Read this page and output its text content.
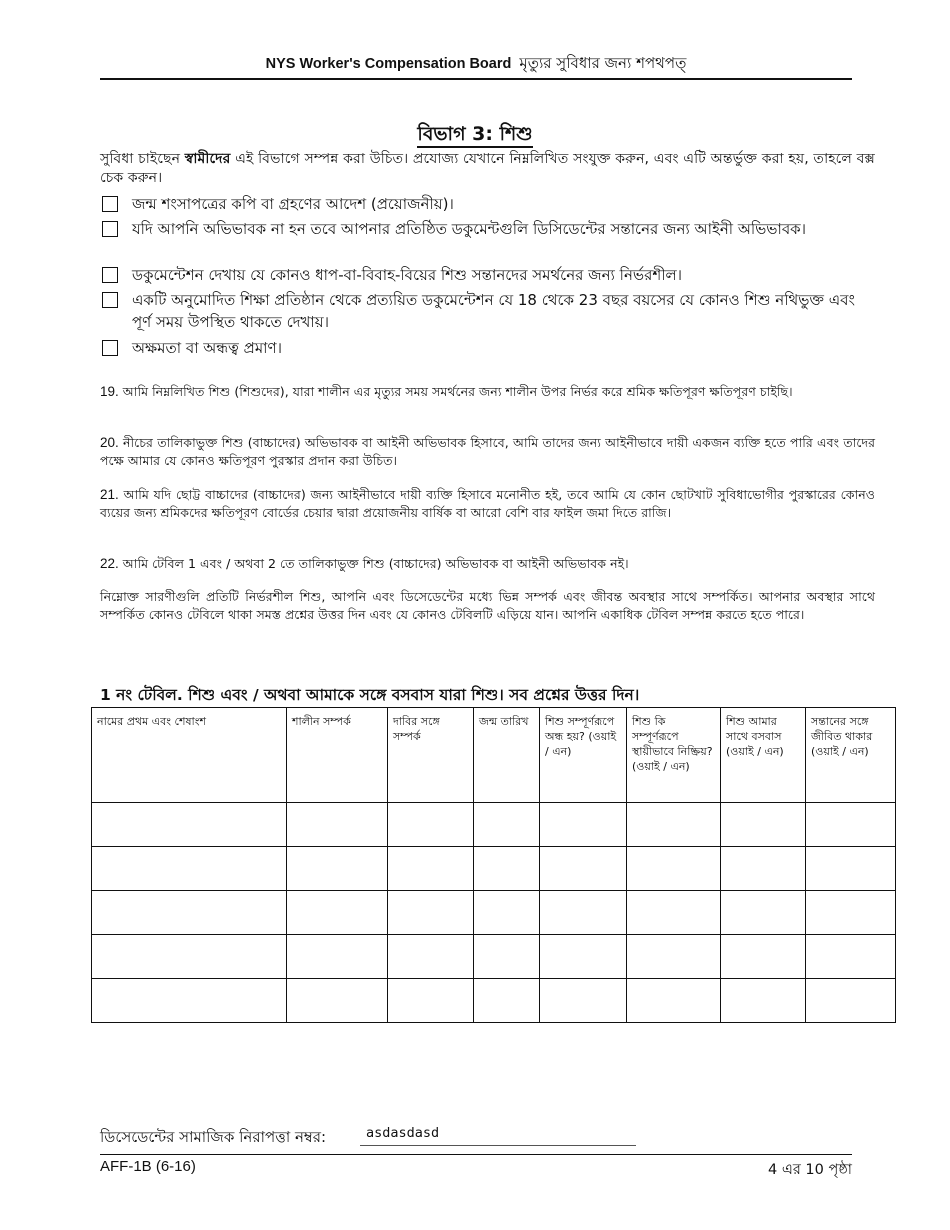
NYS Worker's Compensation Board মৃত্যুর সুবিধার জন্য শপথপত্
বিভাগ 3: শিশু
সুবিধা চাইছেন স্বামীদের এই বিভাগে সম্পন্ন করা উচিত। প্রযোজ্য যেখানে নিম্নলিখিত সংযুক্ত করুন, এবং এটি অন্তর্ভুক্ত করা হয়, তাহলে বক্স চেক করুন।
জন্ম শংসাপত্রের কপি বা গ্রহণের আদেশ (প্রয়োজনীয়)।
যদি আপনি অভিভাবক না হন তবে আপনার প্রতিষ্ঠিত ডকুমেন্টগুলি ডিসিডেন্টের সন্তানের জন্য আইনী অভিভাবক।
ডকুমেন্টেশন দেখায় যে কোনও ধাপ-বা-বিবাহ-বিয়ের শিশু সন্তানদের সমর্থনের জন্য নির্ভরশীল।
একটি অনুমোদিত শিক্ষা প্রতিষ্ঠান থেকে প্রত্যয়িত ডকুমেন্টেশন যে 18 থেকে 23 বছর বয়সের যে কোনও শিশু নথিভুক্ত এবং পূর্ণ সময় উপস্থিত থাকতে দেখায়।
অক্ষমতা বা অন্ধত্ব প্রমাণ।
19. আমি নিম্নলিখিত শিশু (শিশুদের), যারা শালীন এর মৃত্যুর সময় সমর্থনের জন্য শালীন উপর নির্ভর করে শ্রমিক ক্ষতিপূরণ ক্ষতিপূরণ চাইছি।
20. নীচের তালিকাভুক্ত শিশু (বাচ্চাদের) অভিভাবক বা আইনী অভিভাবক হিসাবে, আমি তাদের জন্য আইনীভাবে দায়ী একজন ব্যক্তি হতে পারি এবং তাদের পক্ষে আমার যে কোনও ক্ষতিপূরণ পুরস্কার প্রদান করা উচিত।
21. আমি যদি ছোট্ট বাচ্চাদের (বাচ্চাদের) জন্য আইনীভাবে দায়ী ব্যক্তি হিসাবে মনোনীত হই, তবে আমি যে কোন ছোটখাট সুবিধাভোগীর পুরস্কারের কোনও ব্যয়ের জন্য শ্রমিকদের ক্ষতিপূরণ বোর্ডের চেয়ার দ্বারা প্রয়োজনীয় বার্ষিক বা আরো বেশি বার ফাইল জমা দিতে রাজি।
22. আমি টেবিল 1 এবং / অথবা 2 তে তালিকাভুক্ত শিশু (বাচ্চাদের) অভিভাবক বা আইনী অভিভাবক নই।
নিম্নোক্ত সারণীগুলি প্রতিটি নির্ভরশীল শিশু, আপনি এবং ডিসেডেন্টের মধ্যে ভিন্ন সম্পর্ক এবং জীবন্ত অবস্থার সাথে সম্পর্কিত। আপনার অবস্থার সাথে সম্পর্কিত কোনও টেবিলে থাকা সমস্ত প্রশ্নের উত্তর দিন এবং যে কোনও টেবিলটি এড়িয়ে যান। আপনি একাধিক টেবিল সম্পন্ন করতে হতে পারে।
1 নং টেবিল. শিশু এবং / অথবা আমাকে সঙ্গে বসবাস যারা শিশু। সব প্রশ্নের উত্তর দিন।
নামের প্রথম এবং শেষাংশ	শালীন সম্পর্ক	দাবির সঙ্গে সম্পর্ক	জন্ম তারিখ	শিশু সম্পূর্ণরূপে অন্ধ হয়? (ওয়াই / এন)	শিশু কি সম্পূর্ণরূপে স্থায়ীভাবে নিষ্ক্রিয়? (ওয়াই / এন)	শিশু আমার সাথে বসবাস (ওয়াই / এন)	সন্তানের সঙ্গে জীবিত থাকার (ওয়াই / এন)

ডিসেডেন্টের সামাজিক নিরাপত্তা নম্বর:	asdasdasd
AFF-1B (6-16)	4 এর 10 পৃষ্ঠা
